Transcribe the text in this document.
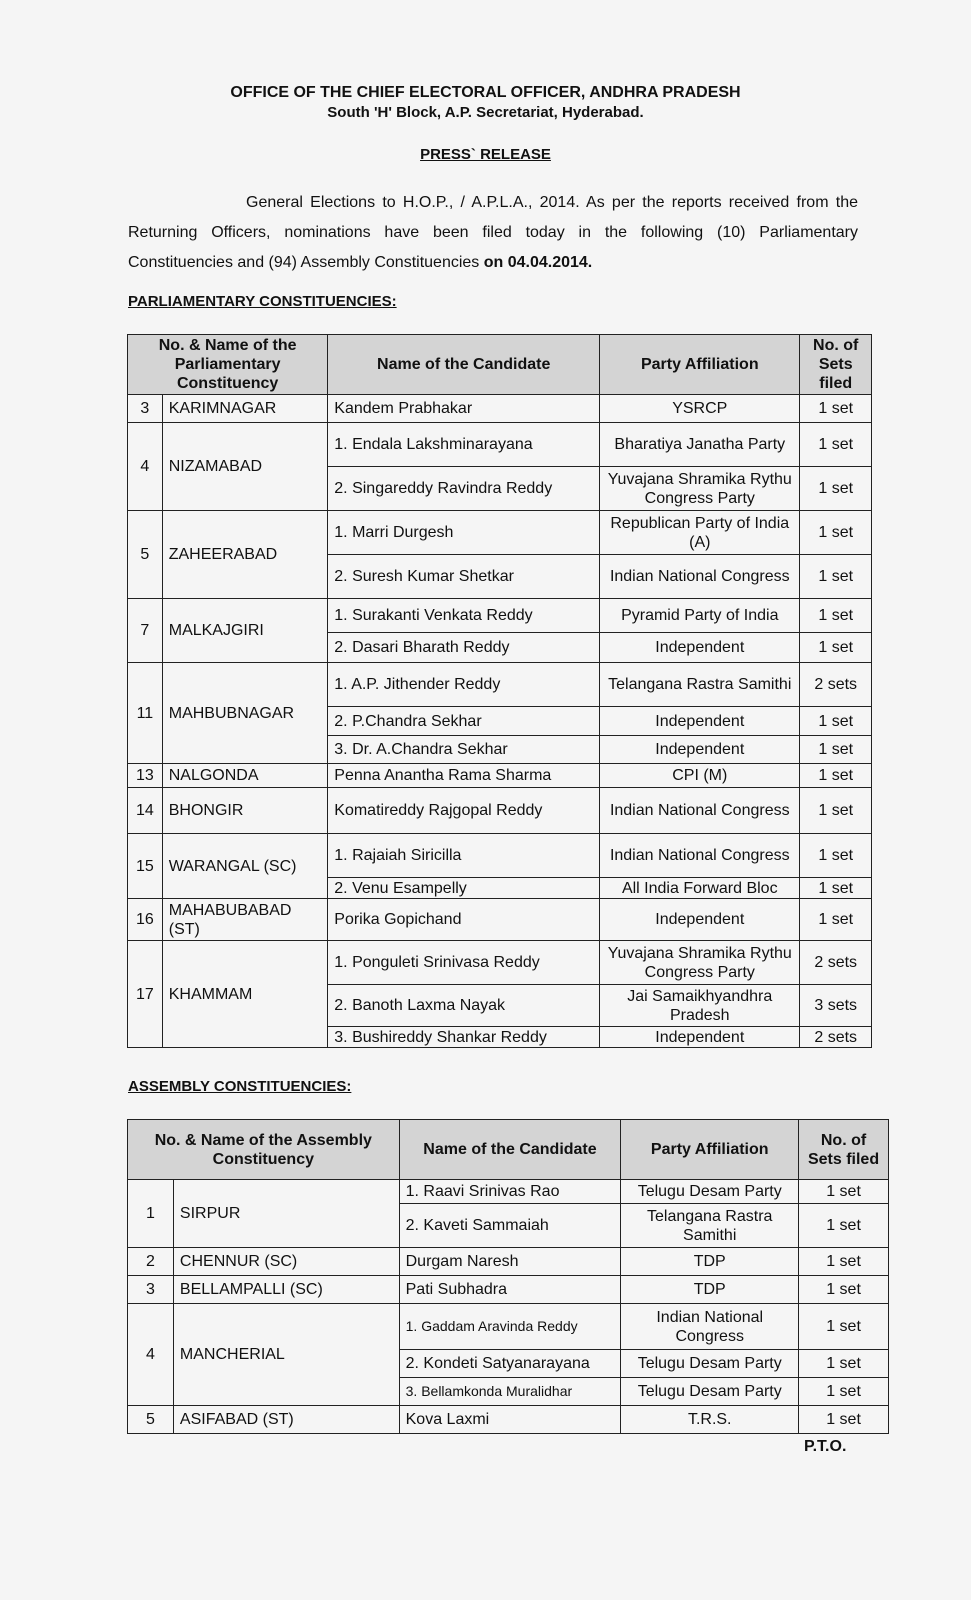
OFFICE OF THE CHIEF ELECTORAL OFFICER, ANDHRA PRADESH
South 'H' Block, A.P. Secretariat, Hyderabad.
PRESS` RELEASE
General Elections to H.O.P., / A.P.L.A., 2014. As per the reports received from the Returning Officers, nominations have been filed today in the following (10) Parliamentary Constituencies and (94) Assembly Constituencies on 04.04.2014.
PARLIAMENTARY CONSTITUENCIES:
No. & Name of the Parliamentary Constituency		Name of the Candidate	Party Affiliation	No. of Sets filed
3	KARIMNAGAR	Kandem Prabhakar	YSRCP	1 set
4	NIZAMABAD	1. Endala Lakshminarayana	Bharatiya Janatha Party	1 set
		2. Singareddy Ravindra Reddy	Yuvajana Shramika Rythu Congress Party	1 set
5	ZAHEERABAD	1. Marri Durgesh	Republican Party of India (A)	1 set
		2. Suresh Kumar Shetkar	Indian National Congress	1 set
7	MALKAJGIRI	1. Surakanti Venkata Reddy	Pyramid Party of India	1 set
		2. Dasari Bharath Reddy	Independent	1 set
11	MAHBUBNAGAR	1. A.P. Jithender Reddy	Telangana Rastra Samithi	2 sets
		2. P.Chandra Sekhar	Independent	1 set
		3. Dr. A.Chandra Sekhar	Independent	1 set
13	NALGONDA	Penna Anantha Rama Sharma	CPI (M)	1 set
14	BHONGIR	Komatireddy Rajgopal Reddy	Indian National Congress	1 set
15	WARANGAL (SC)	1. Rajaiah Siricilla	Indian National Congress	1 set
		2. Venu Esampelly	All India Forward Bloc	1 set
16	MAHABUBABAD (ST)	Porika Gopichand	Independent	1 set
17	KHAMMAM	1. Ponguleti Srinivasa Reddy	Yuvajana Shramika Rythu Congress Party	2 sets
		2. Banoth Laxma Nayak	Jai Samaikhyandhra Pradesh	3 sets
		3. Bushireddy Shankar Reddy	Independent	2 sets
ASSEMBLY CONSTITUENCIES:
No. & Name of the Assembly Constituency		Name of the Candidate	Party Affiliation	No. of Sets filed
1	SIRPUR	1. Raavi Srinivas Rao	Telugu Desam Party	1 set
		2. Kaveti Sammaiah	Telangana Rastra Samithi	1 set
2	CHENNUR (SC)	Durgam Naresh	TDP	1 set
3	BELLAMPALLI (SC)	Pati Subhadra	TDP	1 set
4	MANCHERIAL	1. Gaddam Aravinda Reddy	Indian National Congress	1 set
		2. Kondeti Satyanarayana	Telugu Desam Party	1 set
		3. Bellamkonda Muralidhar	Telugu Desam Party	1 set
5	ASIFABAD (ST)	Kova Laxmi	T.R.S.	1 set
P.T.O.
